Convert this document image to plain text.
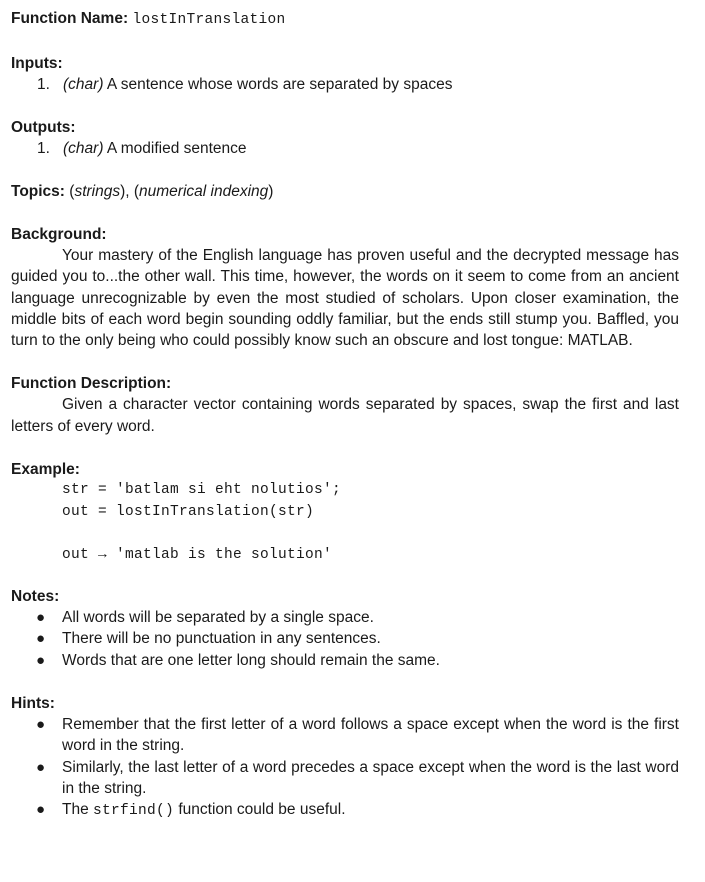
Function Name: lostInTranslation
Inputs:
1. (char) A sentence whose words are separated by spaces
Outputs:
1. (char) A modified sentence
Topics: (strings), (numerical indexing)
Background:

Your mastery of the English language has proven useful and the decrypted message has guided you to...the other wall. This time, however, the words on it seem to come from an ancient language unrecognizable by even the most studied of scholars. Upon closer examination, the middle bits of each word begin sounding oddly familiar, but the ends still stump you. Baffled, you turn to the only being who could possibly know such an obscure and lost tongue: MATLAB.

Function Description:

Given a character vector containing words separated by spaces, swap the first and last letters of every word.

Example:
str = 'batlam si eht nolutios';
out = lostInTranslation(str)

out → 'matlab is the solution'
Notes:
● All words will be separated by a single space.
● There will be no punctuation in any sentences.
● Words that are one letter long should remain the same.
Hints:
● Remember that the first letter of a word follows a space except when the word is the first word in the string.
● Similarly, the last letter of a word precedes a space except when the word is the last word in the string.
● The strfind() function could be useful.
